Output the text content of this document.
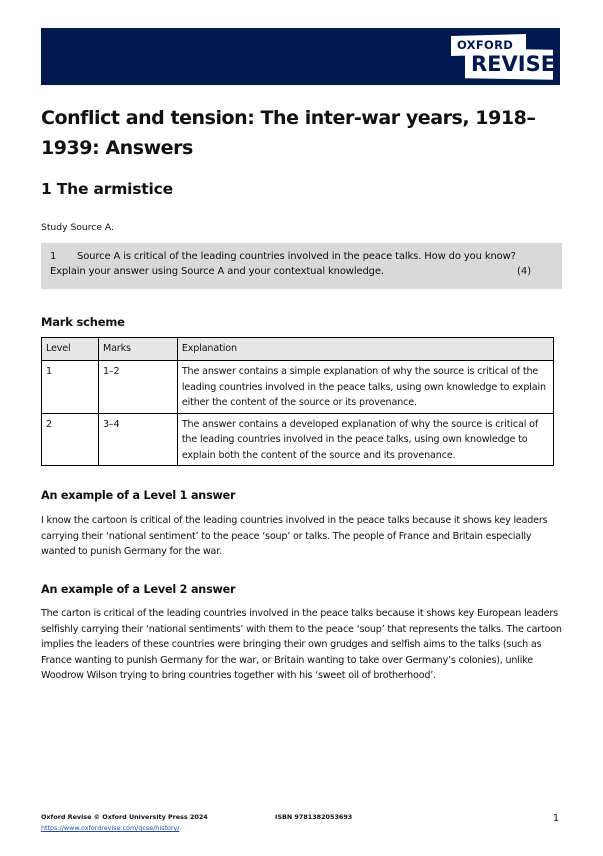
OXFORD
REVISE
Conflict and tension: The inter-war years, 1918–1939: Answers
1 The armistice
Study Source A.
1 Source A is critical of the leading countries involved in the peace talks. How do you know?
Explain your answer using Source A and your contextual knowledge.	(4)
Mark scheme
Level	Marks	Explanation
1	1–2	The answer contains a simple explanation of why the source is critical of the leading countries involved in the peace talks, using own knowledge to explain either the content of the source or its provenance.
2	3–4	The answer contains a developed explanation of why the source is critical of the leading countries involved in the peace talks, using own knowledge to explain both the content of the source and its provenance.
An example of a Level 1 answer

I know the cartoon is critical of the leading countries involved in the peace talks because it shows key leaders carrying their ‘national sentiment’ to the peace ‘soup’ or talks. The people of France and Britain especially wanted to punish Germany for the war.

An example of a Level 2 answer

The carton is critical of the leading countries involved in the peace talks because it shows key European leaders selfishly carrying their ‘national sentiments’ with them to the peace ‘soup’ that represents the talks. The cartoon implies the leaders of these countries were bringing their own grudges and selfish aims to the talks (such as France wanting to punish Germany for the war, or Britain wanting to take over Germany’s colonies), unlike Woodrow Wilson trying to bring countries together with his ‘sweet oil of brotherhood’.

Oxford Revise © Oxford University Press 2024
https://www.oxfordrevise.com/gcse/history/
ISBN 9781382053693	1
